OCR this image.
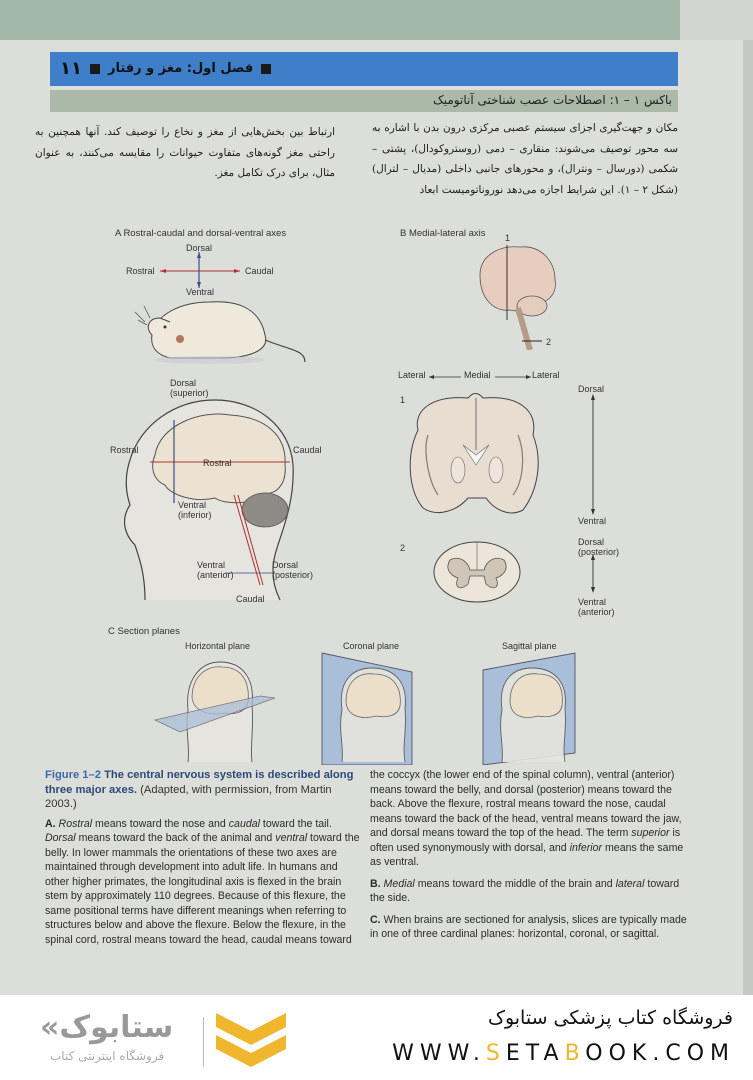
۱۱ فصل اول: مغز و رفتار
باکس ۱ – ۱: اصطلاحات عصب شناختی آناتومیک
مکان و جهت‌گیری اجزای سیستم عصبی مرکزی درون بدن با اشاره به سه محور توصیف می‌شوند: منقاری – دمی (روستروکودال)، پشتی – شکمی (دورسال – ونترال)، و محورهای جانبی داخلی (مدیال – لترال) (شکل ۲ – ۱). این شرایط اجازه می‌دهد نوروناتومیست ابعاد
ارتباط بین بخش‌هایی از مغز و نخاع را توصیف کند. آنها همچنین به راحتی مغز گونه‌های متفاوت حیوانات را مقایسه می‌کنند، به عنوان مثال، برای درک تکامل مغز.
A Rostral-caudal and dorsal-ventral axes
Dorsal
Rostral	Caudal
Ventral
Dorsal
(superior)
Rostral	Caudal
Rostral
Ventral
(inferior)
Ventral
(anterior)
Dorsal
(posterior)
Caudal
B Medial-lateral axis 1
2
Lateral	Medial	Lateral
1
2
Dorsal
Ventral
Dorsal
(posterior)
Ventral
(anterior)
C Section planes
Horizontal plane	Coronal plane	Sagittal plane
Figure 1–2 The central nervous system is described along three major axes. (Adapted, with permission, from Martin 2003.)
A. Rostral means toward the nose and caudal toward the tail. Dorsal means toward the back of the animal and ventral toward the belly. In lower mammals the orientations of these two axes are maintained through development into adult life. In humans and other higher primates, the longitudinal axis is flexed in the brain stem by approximately 110 degrees. Because of this flexure, the same positional terms have different meanings when referring to structures below and above the flexure. Below the flexure, in the spinal cord, rostral means toward the head, caudal means toward
the coccyx (the lower end of the spinal column), ventral (anterior) means toward the belly, and dorsal (posterior) means toward the back. Above the flexure, rostral means toward the nose, caudal means toward the back of the head, ventral means toward the jaw, and dorsal means toward the top of the head. The term superior is often used synonymously with dorsal, and inferior means the same as ventral.
B. Medial means toward the middle of the brain and lateral toward the side.
C. When brains are sectioned for analysis, slices are typically made in one of three cardinal planes: horizontal, coronal, or sagittal.
«ستابوک
فروشگاه اینترنتی کتاب
فروشگاه کتاب پزشکی ستابوک
WWW.SETABOOK.COM
